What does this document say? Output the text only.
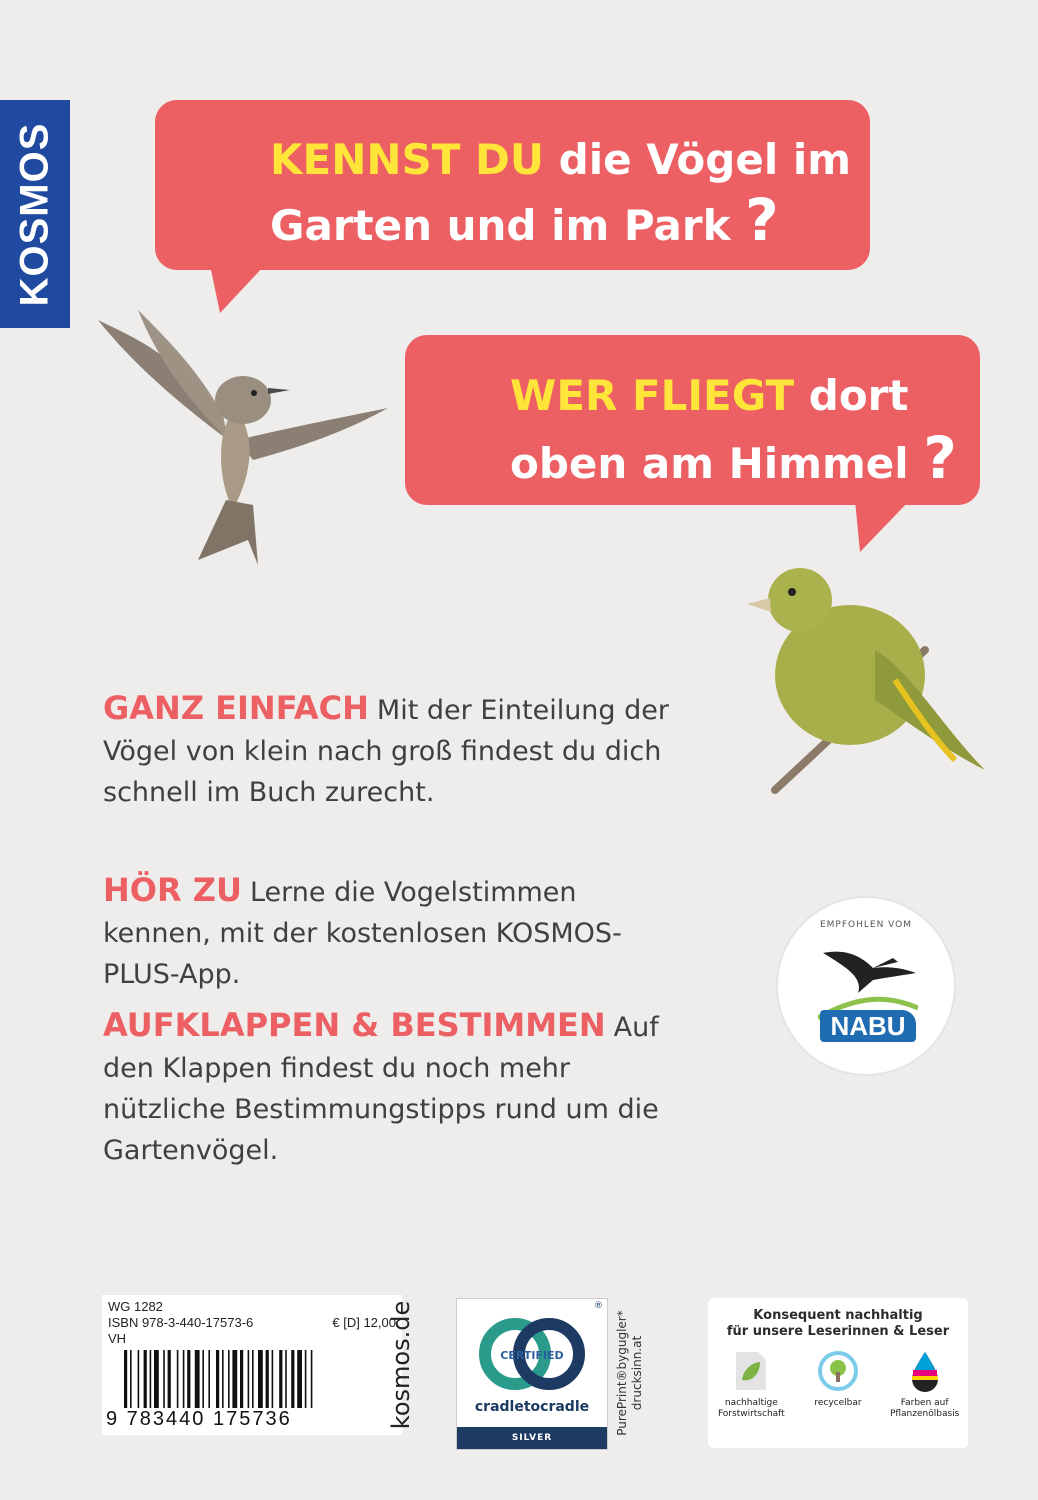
KOSMOS	KENNST DU die Vögel im
Garten und im Park ?
WER FLIEGT dort
oben am Himmel ?
GANZ EINFACH Mit der Einteilung der Vögel von klein nach groß findest du dich schnell im Buch zurecht.
HÖR ZU Lerne die Vogelstimmen kennen, mit der kostenlosen KOSMOS-PLUS-App.
AUFKLAPPEN & BESTIMMEN Auf den Klappen findest du noch mehr nützliche Bestimmungstipps rund um die Gartenvögel.
EMPFOHLEN VOM
NABU
WG 1282
ISBN 978-3-440-17573-6	€ [D] 12,00
VH
9 783440 175736	kosmos.de	®
CERTIFIED
cradletocradle
SILVER
PurePrint®bygugler*
drucksinn.at
Konsequent nachhaltig
für unsere Leserinnen & Leser
nachhaltige
Forstwirtschaft
recycelbar	Farben auf
Pflanzenölbasis
